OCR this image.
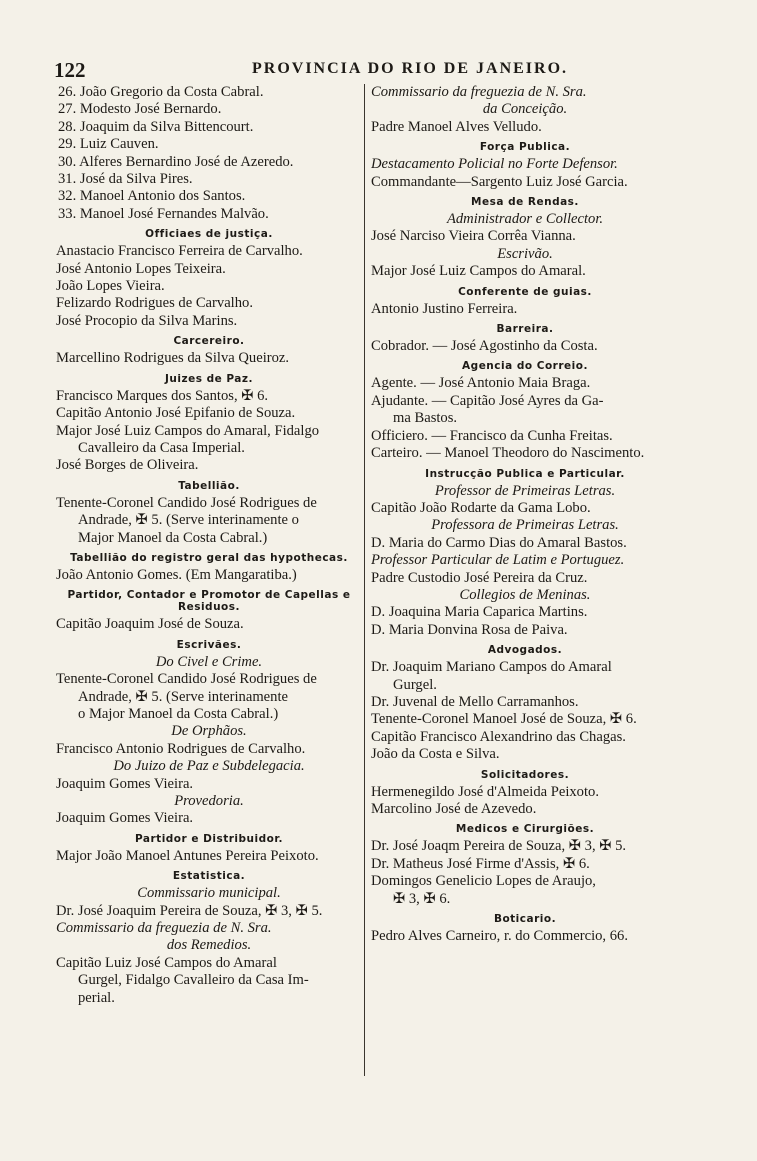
122	PROVINCIA DO RIO DE JANEIRO.
26. João Gregorio da Costa Cabral.
27. Modesto José Bernardo.
28. Joaquim da Silva Bittencourt.
29. Luiz Cauven.
30. Alferes Bernardino José de Azeredo.
31. José da Silva Pires.
32. Manoel Antonio dos Santos.
33. Manoel José Fernandes Malvão.
Officiaes de justiça.
Anastacio Francisco Ferreira de Carvalho.
José Antonio Lopes Teixeira.
João Lopes Vieira.
Felizardo Rodrigues de Carvalho.
José Procopio da Silva Marins.
Carcereiro.
Marcellino Rodrigues da Silva Queiroz.
Juizes de Paz.
Francisco Marques dos Santos, ✠ 6.
Capitão Antonio José Epifanio de Souza.
Major José Luiz Campos do Amaral, Fidalgo
Cavalleiro da Casa Imperial.
José Borges de Oliveira.
Tabellião.
Tenente-Coronel Candido José Rodrigues de
Andrade, ✠ 5. (Serve interinamente o
Major Manoel da Costa Cabral.)
Tabellião do registro geral das hypothecas.
João Antonio Gomes. (Em Mangaratiba.)
Partidor, Contador e Promotor de Capellas e
Residuos.
Capitão Joaquim José de Souza.
Escrivães.
Do Civel e Crime.
Tenente-Coronel Candido José Rodrigues de
Andrade, ✠ 5. (Serve interinamente
o Major Manoel da Costa Cabral.)
De Orphãos.
Francisco Antonio Rodrigues de Carvalho.
Do Juizo de Paz e Subdelegacia.
Joaquim Gomes Vieira.
Provedoria.
Joaquim Gomes Vieira.
Partidor e Distribuidor.
Major João Manoel Antunes Pereira Peixoto.
Estatistica.
Commissario municipal.
Dr. José Joaquim Pereira de Souza, ✠ 3, ✠ 5.
Commissario da freguezia de N. Sra.
dos Remedios.
Capitão Luiz José Campos do Amaral
Gurgel, Fidalgo Cavalleiro da Casa Im-
perial.
Commissario da freguezia de N. Sra.
da Conceição.
Padre Manoel Alves Velludo.
Força Publica.
Destacamento Policial no Forte Defensor.
Commandante—Sargento Luiz José Garcia.
Mesa de Rendas.
Administrador e Collector.
José Narciso Vieira Corrêa Vianna.
Escrivão.
Major José Luiz Campos do Amaral.
Conferente de guias.
Antonio Justino Ferreira.
Barreira.
Cobrador. — José Agostinho da Costa.
Agencia do Correio.
Agente. — José Antonio Maia Braga.
Ajudante. — Capitão José Ayres da Ga-
ma Bastos.
Officiero. — Francisco da Cunha Freitas.
Carteiro. — Manoel Theodoro do Nascimento.
Instrucção Publica e Particular.
Professor de Primeiras Letras.
Capitão João Rodarte da Gama Lobo.
Professora de Primeiras Letras.
D. Maria do Carmo Dias do Amaral Bastos.
Professor Particular de Latim e Portuguez.
Padre Custodio José Pereira da Cruz.
Collegios de Meninas.
D. Joaquina Maria Caparica Martins.
D. Maria Donvina Rosa de Paiva.
Advogados.
Dr. Joaquim Mariano Campos do Amaral
Gurgel.
Dr. Juvenal de Mello Carramanhos.
Tenente-Coronel Manoel José de Souza, ✠ 6.
Capitão Francisco Alexandrino das Chagas.
João da Costa e Silva.
Solicitadores.
Hermenegildo José d'Almeida Peixoto.
Marcolino José de Azevedo.
Medicos e Cirurgiões.
Dr. José Joaqm Pereira de Souza, ✠ 3, ✠ 5.
Dr. Matheus José Firme d'Assis, ✠ 6.
Domingos Genelicio Lopes de Araujo,
✠ 3, ✠ 6.
Boticario.
Pedro Alves Carneiro, r. do Commercio, 66.
